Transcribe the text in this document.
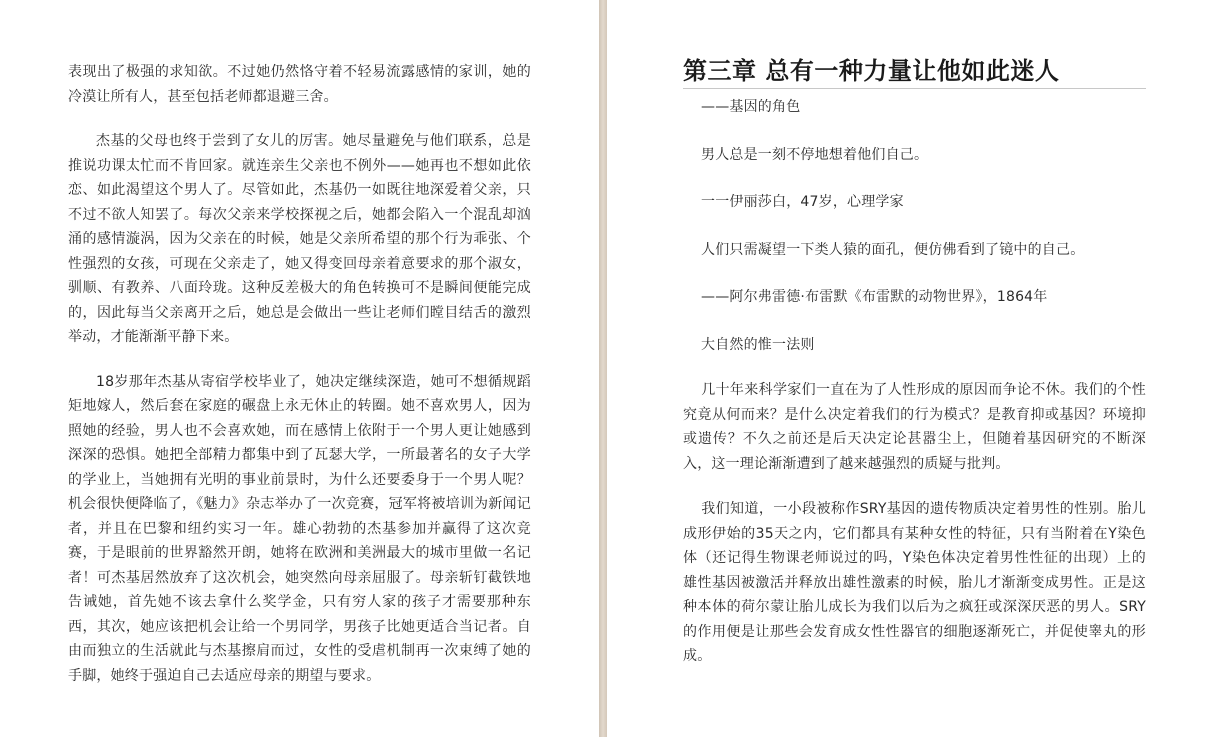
表现出了极强的求知欲。不过她仍然恪守着不轻易流露感情的家训，她的冷漠让所有人，甚至包括老师都退避三舍。

杰基的父母也终于尝到了女儿的厉害。她尽量避免与他们联系，总是推说功课太忙而不肯回家。就连亲生父亲也不例外——她再也不想如此依恋、如此渴望这个男人了。尽管如此，杰基仍一如既往地深爱着父亲，只不过不欲人知罢了。每次父亲来学校探视之后，她都会陷入一个混乱却汹涌的感情漩涡，因为父亲在的时候，她是父亲所希望的那个行为乖张、个性强烈的女孩，可现在父亲走了，她又得变回母亲着意要求的那个淑女，驯顺、有教养、八面玲珑。这种反差极大的角色转换可不是瞬间便能完成的，因此每当父亲离开之后，她总是会做出一些让老师们瞠目结舌的激烈举动，才能渐渐平静下来。

18岁那年杰基从寄宿学校毕业了，她决定继续深造，她可不想循规蹈矩地嫁人，然后套在家庭的碾盘上永无休止的转圈。她不喜欢男人，因为照她的经验，男人也不会喜欢她，而在感情上依附于一个男人更让她感到深深的恐惧。她把全部精力都集中到了瓦瑟大学，一所最著名的女子大学的学业上，当她拥有光明的事业前景时，为什么还要委身于一个男人呢？机会很快便降临了，《魅力》杂志举办了一次竞赛，冠军将被培训为新闻记者，并且在巴黎和纽约实习一年。雄心勃勃的杰基参加并赢得了这次竞赛，于是眼前的世界豁然开朗，她将在欧洲和美洲最大的城市里做一名记者！可杰基居然放弃了这次机会，她突然向母亲屈服了。母亲斩钉截铁地告诫她，首先她不该去拿什么奖学金，只有穷人家的孩子才需要那种东西，其次，她应该把机会让给一个男同学，男孩子比她更适合当记者。自由而独立的生活就此与杰基擦肩而过，女性的受虐机制再一次束缚了她的手脚，她终于强迫自己去适应母亲的期望与要求。

第三章 总有一种力量让他如此迷人

——基因的角色

男人总是一刻不停地想着他们自己。

一一伊丽莎白，47岁，心理学家

人们只需凝望一下类人猿的面孔，便仿佛看到了镜中的自己。

——阿尔弗雷德·布雷默《布雷默的动物世界》，1864年

大自然的惟一法则

几十年来科学家们一直在为了人性形成的原因而争论不休。我们的个性究竟从何而来？是什么决定着我们的行为模式？是教育抑或基因？环境抑或遗传？不久之前还是后天决定论甚嚣尘上，但随着基因研究的不断深入，这一理论渐渐遭到了越来越强烈的质疑与批判。

我们知道，一小段被称作SRY基因的遗传物质决定着男性的性别。胎儿成形伊始的35天之内，它们都具有某种女性的特征，只有当附着在Y染色体（还记得生物课老师说过的吗，Y染色体决定着男性性征的出现）上的雄性基因被激活并释放出雄性激素的时候，胎儿才渐渐变成男性。正是这种本体的荷尔蒙让胎儿成长为我们以后为之疯狂或深深厌恶的男人。SRY的作用便是让那些会发育成女性性器官的细胞逐渐死亡，并促使睾丸的形成。
